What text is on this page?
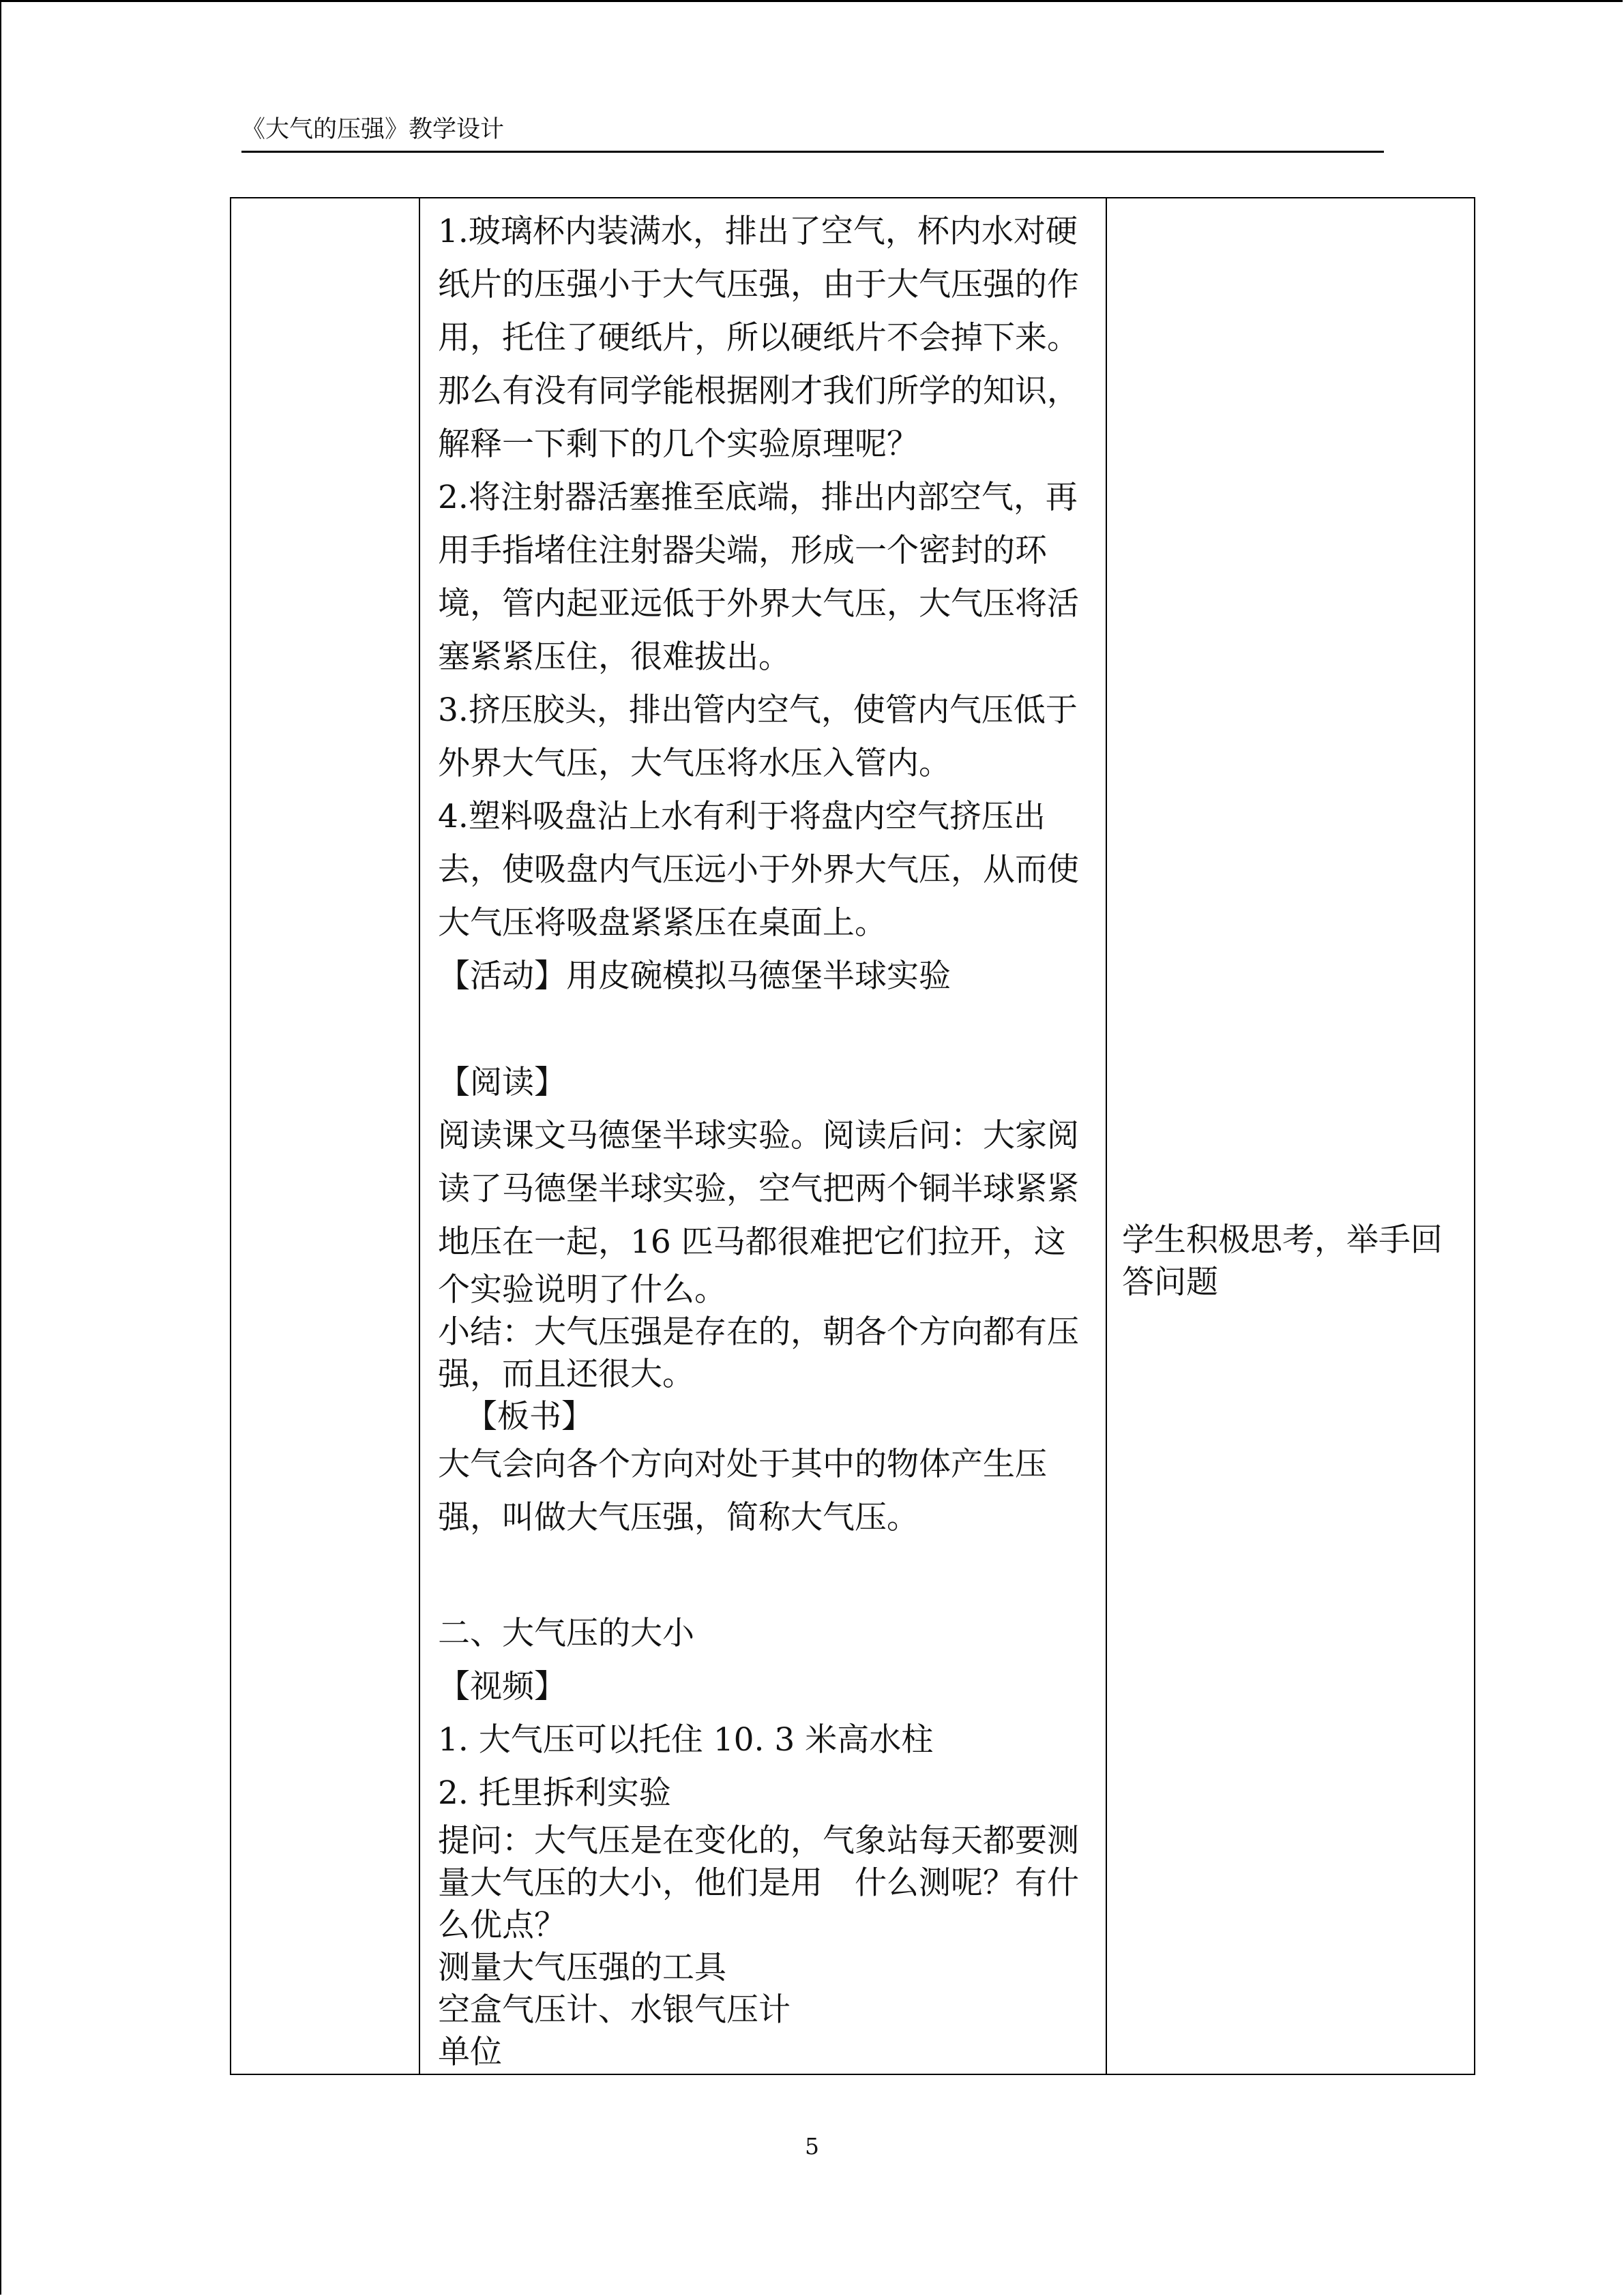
《大气的压强》教学设计

1.玻璃杯内装满水，排出了空气，杯内水对硬

纸片的压强小于大气压强，由于大气压强的作

用，托住了硬纸片，所以硬纸片不会掉下来。

那么有没有同学能根据刚才我们所学的知识，

解释一下剩下的几个实验原理呢？

2.将注射器活塞推至底端，排出内部空气，再

用手指堵住注射器尖端，形成一个密封的环

境，管内起亚远低于外界大气压，大气压将活

塞紧紧压住，很难拔出。

3.挤压胶头，排出管内空气，使管内气压低于

外界大气压，大气压将水压入管内。

4.塑料吸盘沾上水有利于将盘内空气挤压出

去，使吸盘内气压远小于外界大气压，从而使

大气压将吸盘紧紧压在桌面上。

【活动】用皮碗模拟马德堡半球实验

【阅读】

阅读课文马德堡半球实验。阅读后问：大家阅

读了马德堡半球实验，空气把两个铜半球紧紧

地压在一起，16 匹马都很难把它们拉开，这

个实验说明了什么。

小结：大气压强是存在的，朝各个方向都有压

强，而且还很大。

【板书】

大气会向各个方向对处于其中的物体产生压

强，叫做大气压强，简称大气压。

二、大气压的大小

【视频】

1. 大气压可以托住 10. 3 米高水柱

2. 托里拆利实验

提问：大气压是在变化的，气象站每天都要测

量大气压的大小，他们是用　什么测呢？有什

么优点？

测量大气压强的工具

空盒气压计、水银气压计

单位

学生积极思考，举手回

答问题

5
